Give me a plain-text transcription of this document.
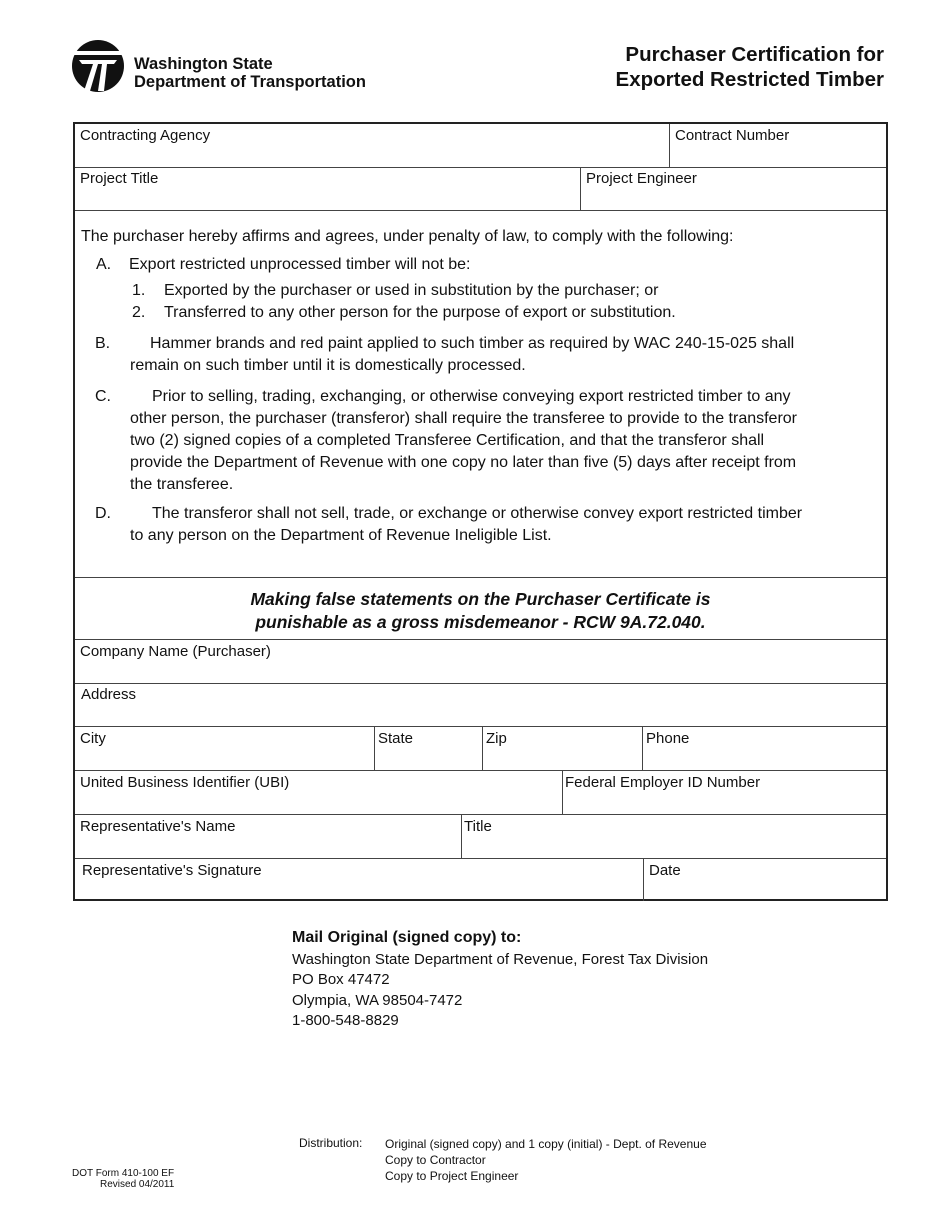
Washington State
Department of Transportation
Purchaser Certification for
Exported Restricted Timber
Contracting Agency	Contract Number
Project Title	Project Engineer
The purchaser hereby affirms and agrees, under penalty of law, to comply with the following:
A. Export restricted unprocessed timber will not be:
1. Exported by the purchaser or used in substitution by the purchaser; or
2. Transferred to any other person for the purpose of export or substitution.
B. Hammer brands and red paint applied to such timber as required by WAC 240-15-025 shall
remain on such timber until it is domestically processed.
C.	Prior to selling, trading, exchanging, or otherwise conveying export restricted timber to any
other person, the purchaser (transferor) shall require the transferee to provide to the transferor
two (2) signed copies of a completed Transferee Certification, and that the transferor shall
provide the Department of Revenue with one copy no later than five (5) days after receipt from
the transferee.
D.	The transferor shall not sell, trade, or exchange or otherwise convey export restricted timber
to any person on the Department of Revenue Ineligible List.
Making false statements on the Purchaser Certificate is
punishable as a gross misdemeanor - RCW 9A.72.040.
Company Name (Purchaser)
Address
City	State	Zip	Phone
United Business Identifier (UBI)	Federal Employer ID Number
Representative's Name	Title
Representative's Signature	Date
Mail Original (signed copy) to:
Washington State Department of Revenue, Forest Tax Division
PO Box 47472
Olympia, WA 98504-7472
1-800-548-8829
Distribution: Original (signed copy) and 1 copy (initial) - Dept. of Revenue
Copy to Contractor
Copy to Project Engineer
DOT Form 410-100 EF
Revised 04/2011
